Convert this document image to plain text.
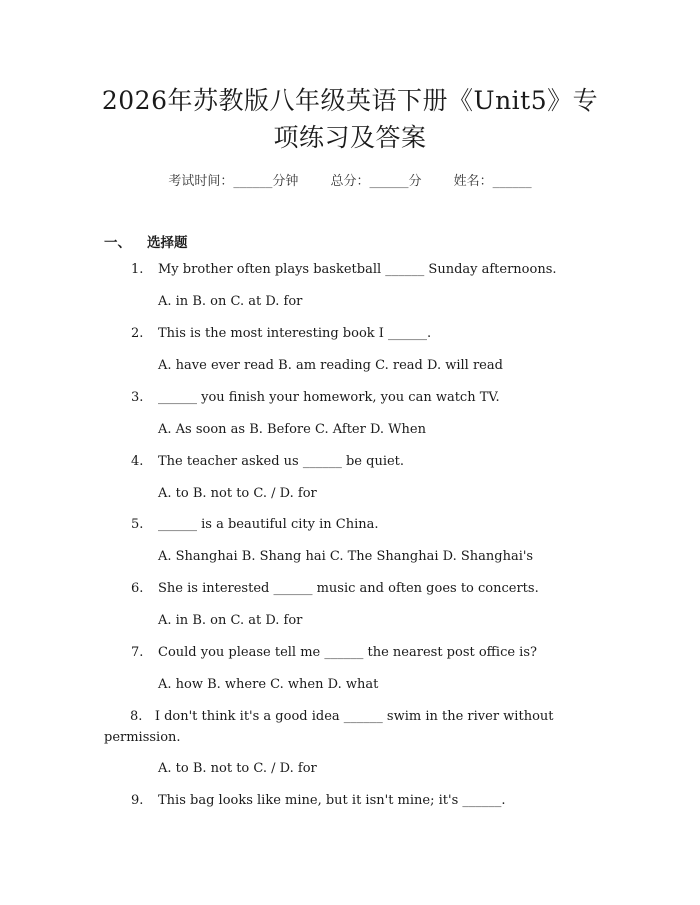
2026年苏教版八年级英语下册《Unit5》专
项练习及答案
考试时间：______分钟 总分：______分 姓名：______
一、 选择题
1. My brother often plays basketball ______ Sunday afternoons.
A. in B. on C. at D. for
2. This is the most interesting book I ______.
A. have ever read B. am reading C. read D. will read
3. ______ you finish your homework, you can watch TV.
A. As soon as B. Before C. After D. When
4. The teacher asked us ______ be quiet.
A. to B. not to C. / D. for
5. ______ is a beautiful city in China.
A. Shanghai B. Shang hai C. The Shanghai D. Shanghai's
6. She is interested ______ music and often goes to concerts.
A. in B. on C. at D. for
7. Could you please tell me ______ the nearest post office is?
A. how B. where C. when D. what
8. I don't think it's a good idea ______ swim in the river without
permission.
A. to B. not to C. / D. for
9. This bag looks like mine, but it isn't mine; it's ______.
